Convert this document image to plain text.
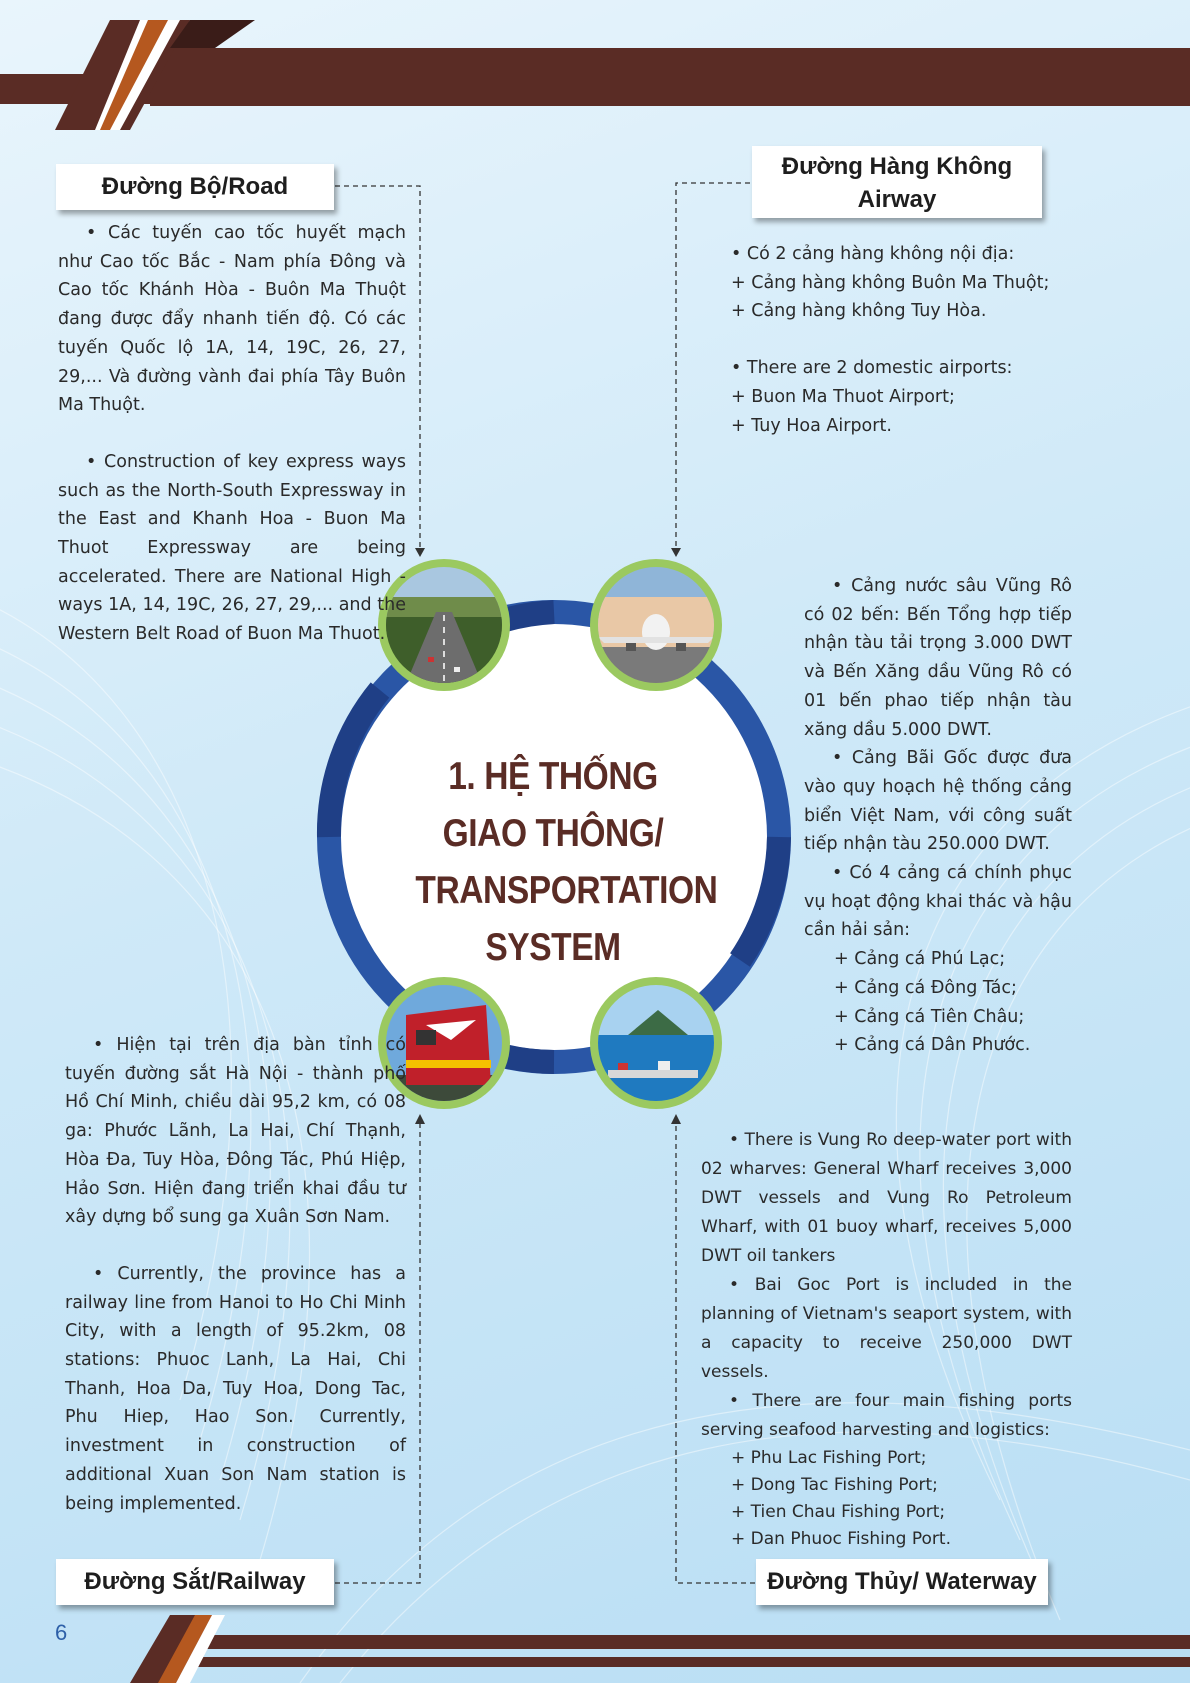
1. HỆ THỐNG GIAO THÔNG/ TRANSPORTATION SYSTEM
Đường Bộ/Road

• Các tuyến cao tốc huyết mạch như Cao tốc Bắc - Nam phía Đông và Cao tốc Khánh Hòa - Buôn Ma Thuột đang được đẩy nhanh tiến độ. Có các tuyến Quốc lộ 1A, 14, 19C, 26, 27, 29,... Và đường vành đai phía Tây Buôn Ma Thuột.

• Construction of key express ways such as the North-South Expressway in the East and Khanh Hoa - Buon Ma Thuot Expressway are being accelerated. There are National High - ways 1A, 14, 19C, 26, 27, 29,... and the Western Belt Road of Buon Ma Thuot.

Đường Hàng Không
Airway

• Có 2 cảng hàng không nội địa:

+ Cảng hàng không Buôn Ma Thuột;

+ Cảng hàng không Tuy Hòa.

• There are 2 domestic airports:

+ Buon Ma Thuot Airport;

+ Tuy Hoa Airport.

• Cảng nước sâu Vũng Rô có 02 bến: Bến Tổng hợp tiếp nhận tàu tải trọng 3.000 DWT và Bến Xăng dầu Vũng Rô có 01 bến phao tiếp nhận tàu xăng dầu 5.000 DWT.

• Cảng Bãi Gốc được đưa vào quy hoạch hệ thống cảng biển Việt Nam, với công suất tiếp nhận tàu 250.000 DWT.

• Có 4 cảng cá chính phục vụ hoạt động khai thác và hậu cần hải sản:

+ Cảng cá Phú Lạc;

+ Cảng cá Đông Tác;

+ Cảng cá Tiên Châu;

+ Cảng cá Dân Phước.

• There is Vung Ro deep-water port with 02 wharves: General Wharf receives 3,000 DWT vessels and Vung Ro Petroleum Wharf, with 01 buoy wharf, receives 5,000 DWT oil tankers

• Bai Goc Port is included in the planning of Vietnam's seaport system, with a capacity to receive 250,000 DWT vessels.

• There are four main fishing ports serving seafood harvesting and logistics:

+ Phu Lac Fishing Port;

+ Dong Tac Fishing Port;

+ Tien Chau Fishing Port;

+ Dan Phuoc Fishing Port.

Đường Thủy/ Waterway

• Hiện tại trên địa bàn tỉnh có tuyến đường sắt Hà Nội - thành phố Hồ Chí Minh, chiều dài 95,2 km, có 08 ga: Phước Lãnh, La Hai, Chí Thạnh, Hòa Đa, Tuy Hòa, Đông Tác, Phú Hiệp, Hảo Sơn. Hiện đang triển khai đầu tư xây dựng bổ sung ga Xuân Sơn Nam.

• Currently, the province has a railway line from Hanoi to Ho Chi Minh City, with a length of 95.2km, 08 stations: Phuoc Lanh, La Hai, Chi Thanh, Hoa Da, Tuy Hoa, Dong Tac, Phu Hiep, Hao Son. Currently, investment in construction of additional Xuan Son Nam station is being implemented.

Đường Sắt/Railway
6
